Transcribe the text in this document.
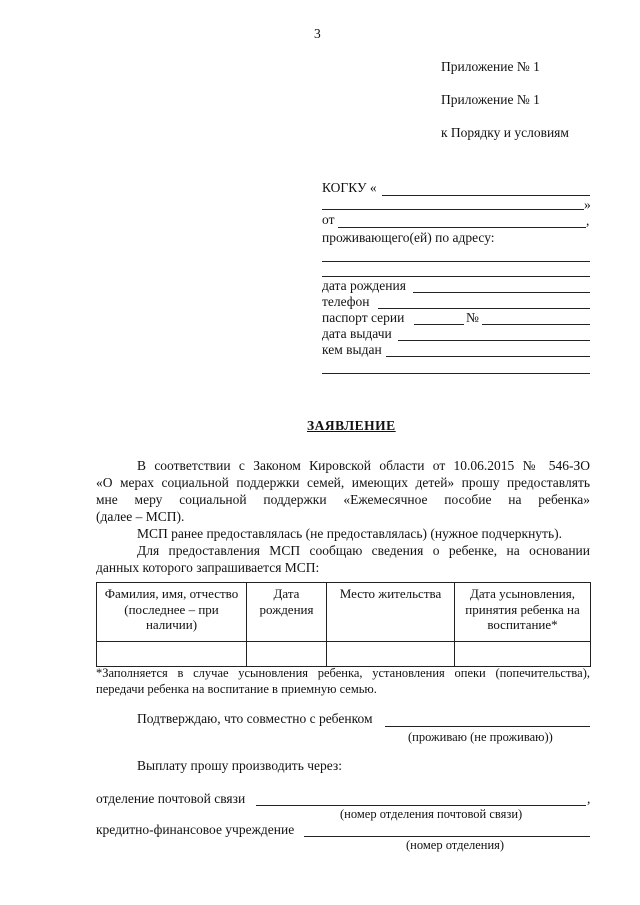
3
Приложение № 1
Приложение № 1
к Порядку и условиям
КОГКУ «
»
от	,
проживающего(ей) по адресу:
дата рождения
телефон
паспорт серии	№
дата выдачи
кем выдан
ЗАЯВЛЕНИЕ
В соответствии с Законом Кировской области от 10.06.2015 № 546-ЗО
«О мерах социальной поддержки семей, имеющих детей» прошу предоставлять
мне меру социальной поддержки «Ежемесячное пособие на ребенка»
(далее – МСП).
МСП ранее предоставлялась (не предоставлялась) (нужное подчеркнуть).
Для предоставления МСП сообщаю сведения о ребенке, на основании
данных которого запрашивается МСП:
Фамилия, имя, отчество (последнее – при наличии)	Дата рождения	Место жительства	Дата усыновления, принятия ребенка на воспитание*

*Заполняется в случае усыновления ребенка, установления опеки (попечительства),
передачи ребенка на воспитание в приемную семью.
Подтверждаю, что совместно с ребенком
(проживаю (не проживаю))
Выплату прошу производить через:
отделение почтовой связи	,
(номер отделения почтовой связи)
кредитно-финансовое учреждение
(номер отделения)
